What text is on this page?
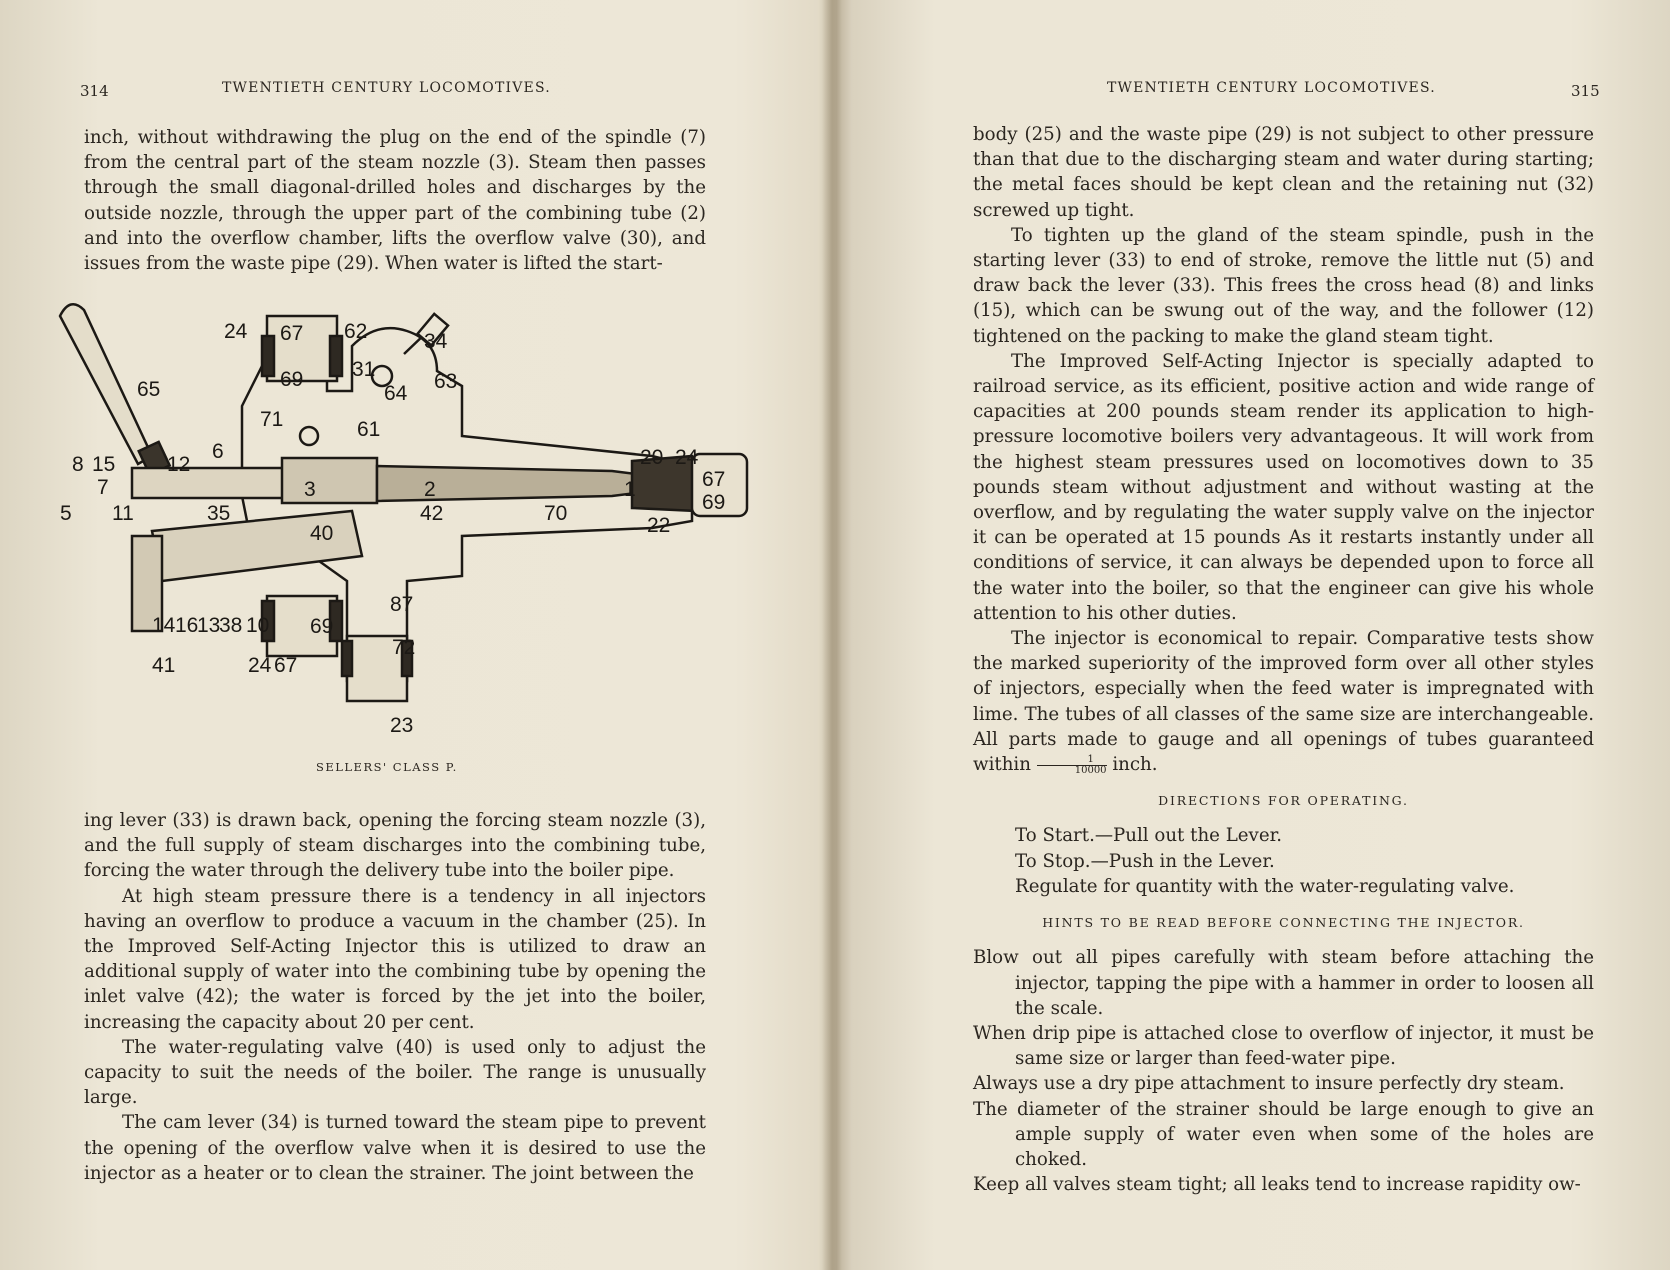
314	TWENTIETH CENTURY LOCOMOTIVES.

inch, without withdrawing the plug on the end of the spindle (7) from the central part of the steam nozzle (3). Steam then passes through the small diagonal-drilled holes and discharges by the outside nozzle, through the upper part of the combining tube (2) and into the overflow chamber, lifts the overflow valve (30), and issues from the waste pipe (29). When water is lifted the start-

24 67 62	34
31
69	63
64
65
71	61
6
8 15 12	20 24
3	2	1	67
7
69
5 11	35	42	70
22
40
87
14 16
13
38 10 69
72
41	24 67
23
SELLERS' CLASS P.

ing lever (33) is drawn back, opening the forcing steam nozzle (3), and the full supply of steam discharges into the combining tube, forcing the water through the delivery tube into the boiler pipe.

At high steam pressure there is a tendency in all injectors having an overflow to produce a vacuum in the chamber (25). In the Improved Self-Acting Injector this is utilized to draw an additional supply of water into the combining tube by opening the inlet valve (42); the water is forced by the jet into the boiler, increasing the capacity about 20 per cent.

The water-regulating valve (40) is used only to adjust the capacity to suit the needs of the boiler. The range is unusually large.

The cam lever (34) is turned toward the steam pipe to prevent the opening of the overflow valve when it is desired to use the injector as a heater or to clean the strainer. The joint between the

TWENTIETH CENTURY LOCOMOTIVES.	315

body (25) and the waste pipe (29) is not subject to other pressure than that due to the discharging steam and water during starting; the metal faces should be kept clean and the retaining nut (32) screwed up tight.

To tighten up the gland of the steam spindle, push in the starting lever (33) to end of stroke, remove the little nut (5) and draw back the lever (33). This frees the cross head (8) and links (15), which can be swung out of the way, and the follower (12) tightened on the packing to make the gland steam tight.

The Improved Self-Acting Injector is specially adapted to railroad service, as its efficient, positive action and wide range of capacities at 200 pounds steam render its application to high-pressure locomotive boilers very advantageous. It will work from the highest steam pressures used on locomotives down to 35 pounds steam without adjustment and without wasting at the overflow, and by regulating the water supply valve on the injector it can be operated at 15 pounds As it restarts instantly under all conditions of service, it can always be depended upon to force all the water into the boiler, so that the engineer can give his whole attention to his other duties.

The injector is economical to repair. Comparative tests show the marked superiority of the improved form over all other styles of injectors, especially when the feed water is impregnated with lime. The tubes of all classes of the same size are interchangeable. All parts made to gauge and all openings of tubes guaranteed within $\frac{1}{10000}$ inch.

DIRECTIONS FOR OPERATING.
To Start.—Pull out the Lever.
To Stop.—Push in the Lever.
Regulate for quantity with the water-regulating valve.
HINTS TO BE READ BEFORE CONNECTING THE INJECTOR.
Blow out all pipes carefully with steam before attaching the injector, tapping the pipe with a hammer in order to loosen all the scale.
When drip pipe is attached close to overflow of injector, it must be same size or larger than feed-water pipe.
Always use a dry pipe attachment to insure perfectly dry steam.
The diameter of the strainer should be large enough to give an ample supply of water even when some of the holes are choked.
Keep all valves steam tight; all leaks tend to increase rapidity ow-
